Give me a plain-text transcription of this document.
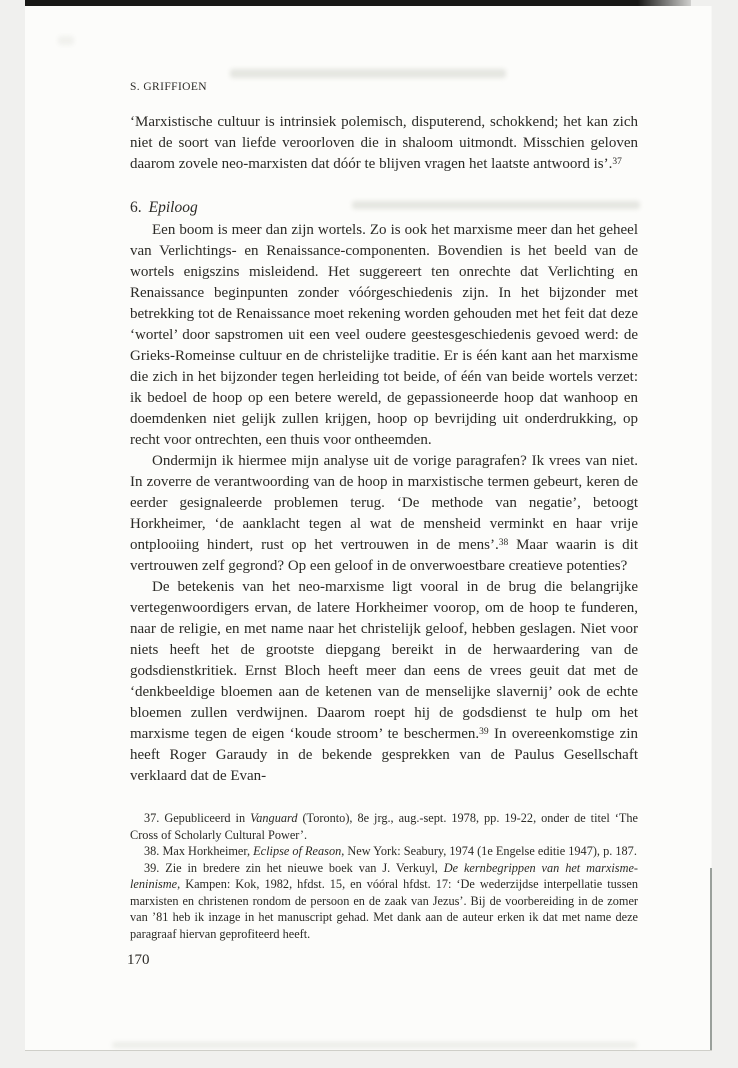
S. GRIFFIOEN

‘Marxistische cultuur is intrinsiek polemisch, disputerend, schokkend; het kan zich niet de soort van liefde veroorloven die in shaloom uitmondt. Misschien geloven daarom zovele neo-marxisten dat dóór te blijven vragen het laatste antwoord is’.$^{37}$

6. Epiloog

Een boom is meer dan zijn wortels. Zo is ook het marxisme meer dan het geheel van Verlichtings- en Renaissance-componenten. Bovendien is het beeld van de wortels enigszins misleidend. Het suggereert ten onrechte dat Verlichting en Renaissance beginpunten zonder vóórgeschiedenis zijn. In het bijzonder met betrekking tot de Renaissance moet rekening worden gehouden met het feit dat deze ‘wortel’ door sapstromen uit een veel oudere geestesgeschiedenis gevoed werd: de Grieks-Romeinse cultuur en de christelijke traditie. Er is één kant aan het marxisme die zich in het bijzonder tegen herleiding tot beide, of één van beide wortels verzet: ik bedoel de hoop op een betere wereld, de gepassioneerde hoop dat wanhoop en doemdenken niet gelijk zullen krijgen, hoop op bevrijding uit onderdrukking, op recht voor ontrechten, een thuis voor ontheemden.

Ondermijn ik hiermee mijn analyse uit de vorige paragrafen? Ik vrees van niet. In zoverre de verantwoording van de hoop in marxistische termen gebeurt, keren de eerder gesignaleerde problemen terug. ‘De methode van negatie’, betoogt Horkheimer, ‘de aanklacht tegen al wat de mensheid verminkt en haar vrije ontplooiing hindert, rust op het vertrouwen in de mens’.$^{38}$ Maar waarin is dit vertrouwen zelf gegrond? Op een geloof in de onverwoestbare creatieve potenties?

De betekenis van het neo-marxisme ligt vooral in de brug die belangrijke vertegenwoordigers ervan, de latere Horkheimer voorop, om de hoop te funderen, naar de religie, en met name naar het christelijk geloof, hebben geslagen. Niet voor niets heeft het de grootste diepgang bereikt in de herwaardering van de godsdienstkritiek. Ernst Bloch heeft meer dan eens de vrees geuit dat met de ‘denkbeeldige bloemen aan de ketenen van de menselijke slavernij’ ook de echte bloemen zullen verdwijnen. Daarom roept hij de godsdienst te hulp om het marxisme tegen de eigen ‘koude stroom’ te beschermen.$^{39}$ In overeenkomstige zin heeft Roger Garaudy in de bekende gesprekken van de Paulus Gesellschaft verklaard dat de Evan-

37. Gepubliceerd in Vanguard (Toronto), 8e jrg., aug.-sept. 1978, pp. 19-22, onder de titel ‘The Cross of Scholarly Cultural Power’.

38. Max Horkheimer, Eclipse of Reason, New York: Seabury, 1974 (1e Engelse editie 1947), p. 187.

39. Zie in bredere zin het nieuwe boek van J. Verkuyl, De kernbegrippen van het marxisme-leninisme, Kampen: Kok, 1982, hfdst. 15, en vóóral hfdst. 17: ‘De wederzijdse interpellatie tussen marxisten en christenen rondom de persoon en de zaak van Jezus’. Bij de voorbereiding in de zomer van ’81 heb ik inzage in het manuscript gehad. Met dank aan de auteur erken ik dat met name deze paragraaf hiervan geprofiteerd heeft.

170
